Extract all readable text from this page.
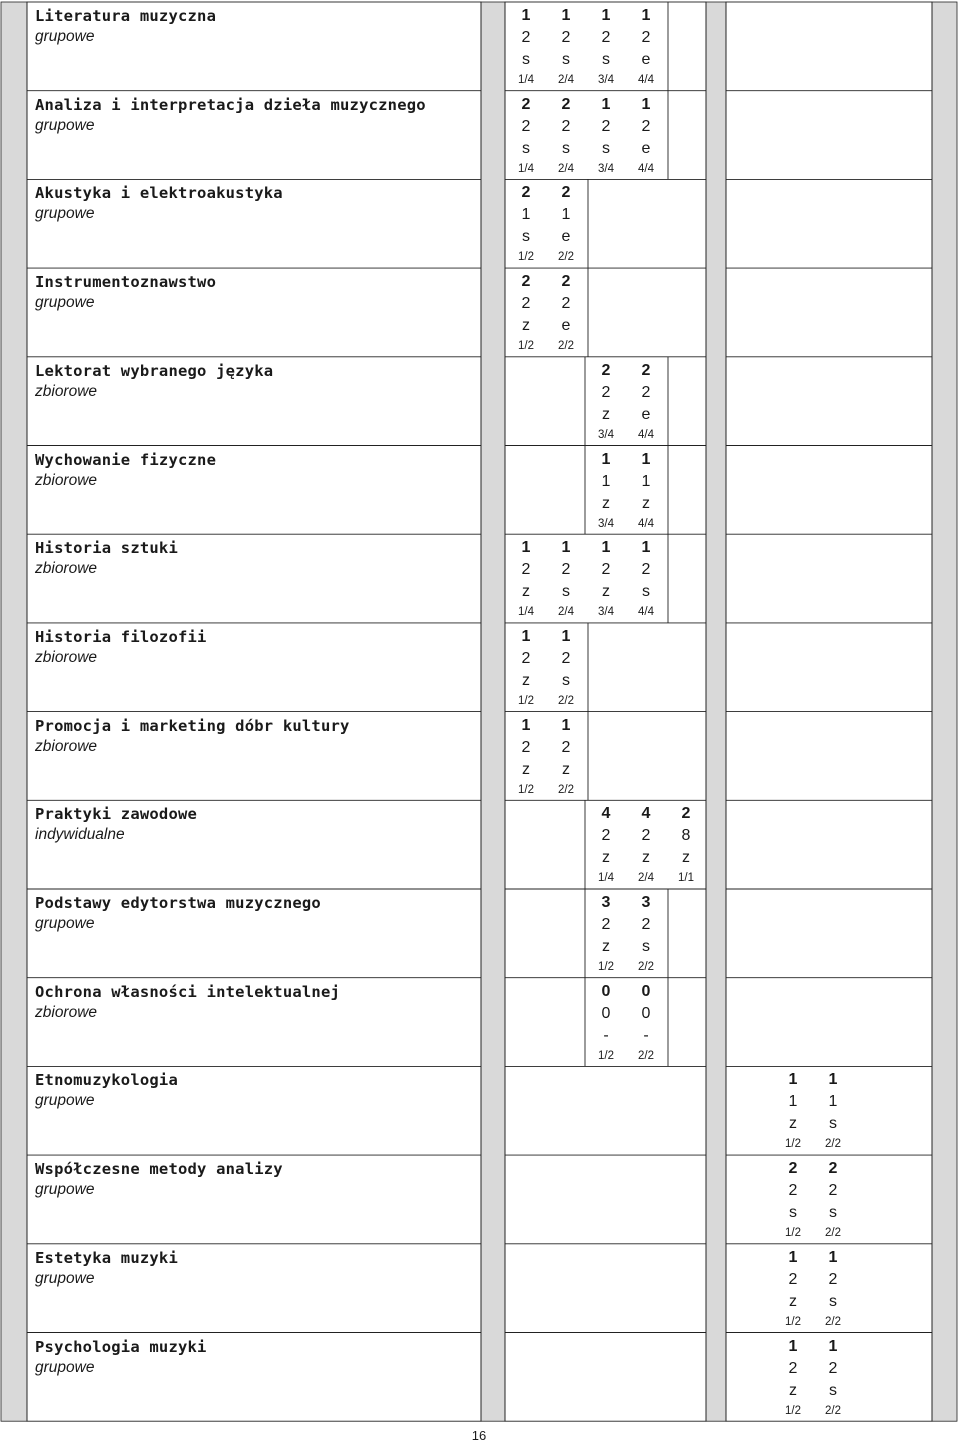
Literatura muzyczna
grupowe
1
2
s
1/4
1
2
s
2/4
1
2
s
3/4
1
2
e
4/4
Analiza i interpretacja dzieła muzycznego
grupowe
2
2
s
1/4
2
2
s
2/4
1
2
s
3/4
1
2
e
4/4
Akustyka i elektroakustyka
grupowe
2
1
s
1/2
2
1
e
2/2
Instrumentoznawstwo
grupowe
2
2
z
1/2
2
2
e
2/2
Lektorat wybranego języka
zbiorowe
2
2
z
3/4
2
2
e
4/4
Wychowanie fizyczne
zbiorowe
1
1
z
3/4
1
1
z
4/4
Historia sztuki
zbiorowe
1
2
z
1/4
1
2
s
2/4
1
2
z
3/4
1
2
s
4/4
Historia filozofii
zbiorowe
1
2
z
1/2
1
2
s
2/2
Promocja i marketing dóbr kultury
zbiorowe
1
2
z
1/2
1
2
z
2/2
Praktyki zawodowe
indywidualne
4
2
z
1/4
4
2
z
2/4
2
8
z
1/1
Podstawy edytorstwa muzycznego
grupowe
3
2
z
1/2
3
2
s
2/2
Ochrona własności intelektualnej
zbiorowe
0
0
-
1/2
0
0
-
2/2
Etnomuzykologia
grupowe
1
1
z
1/2
1
1
s
2/2
Współczesne metody analizy
grupowe
2
2
s
1/2
2
2
s
2/2
Estetyka muzyki
grupowe
1
2
z
1/2
1
2
s
2/2
Psychologia muzyki
grupowe
1
2
z
1/2
1
2
s
2/2
16
